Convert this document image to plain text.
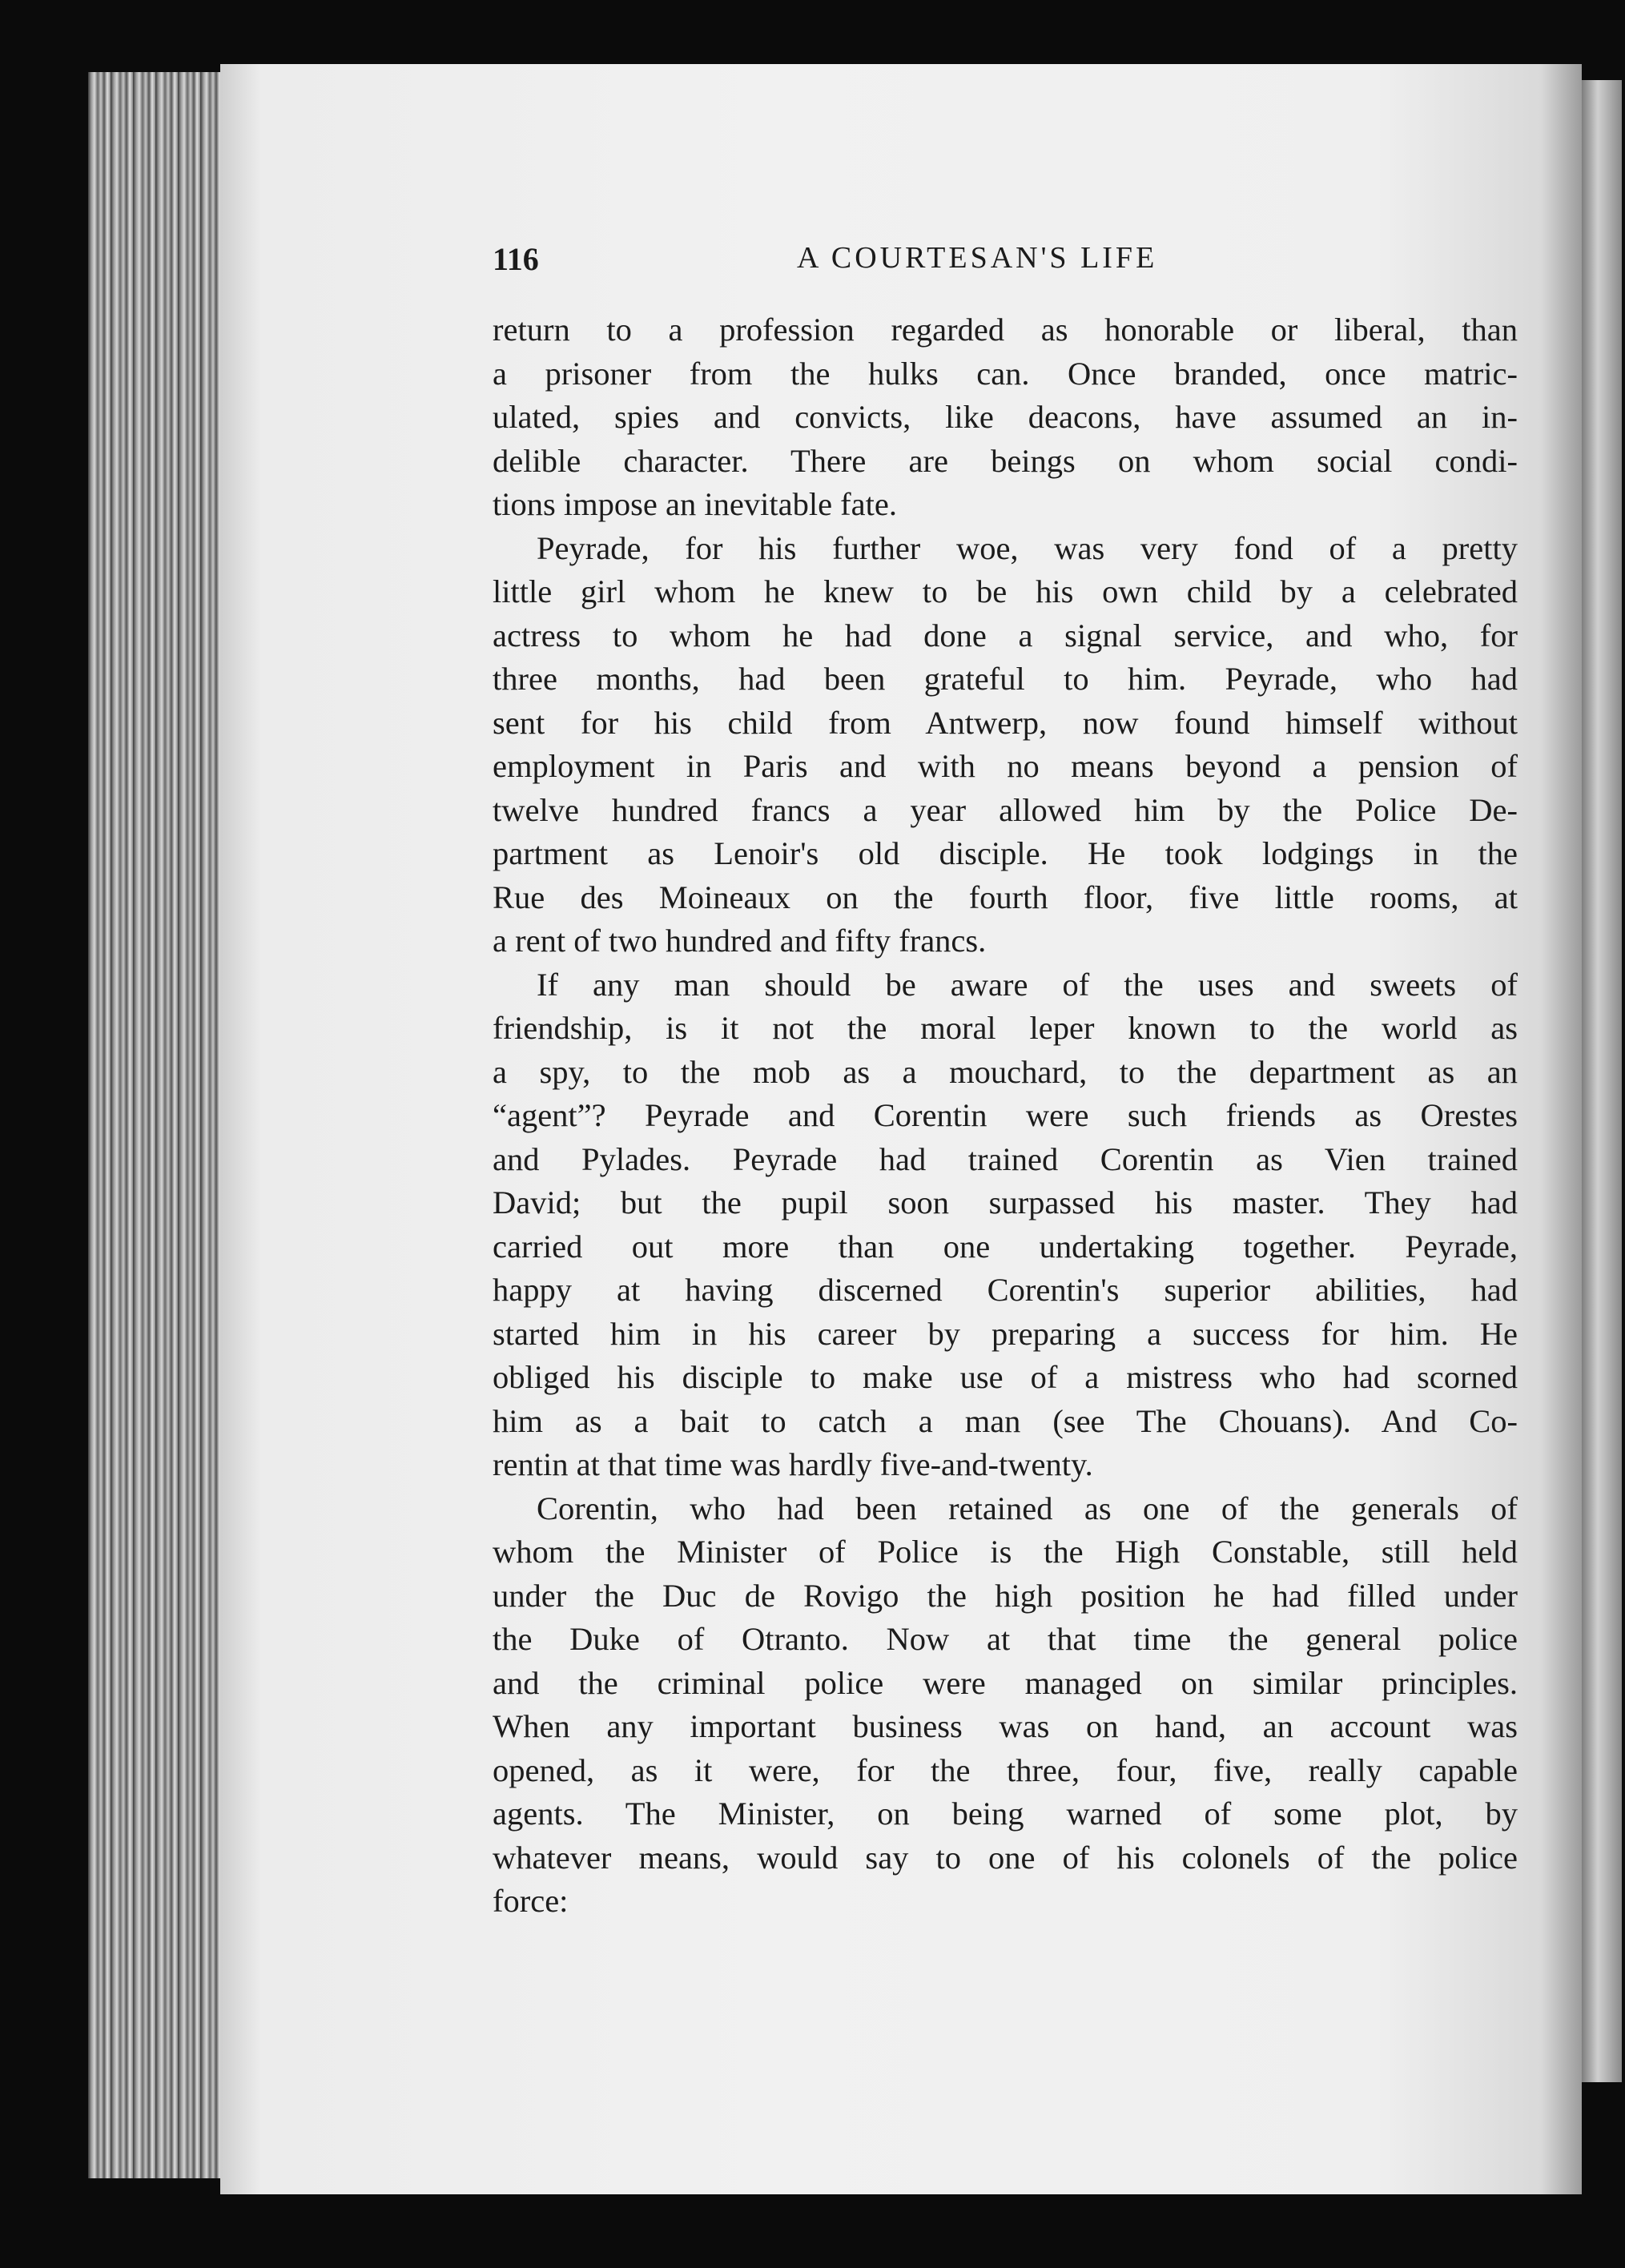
116	A COURTESAN'S LIFE

return to a profession regarded as honorable or liberal, than
a prisoner from the hulks can. Once branded, once matric-
ulated, spies and convicts, like deacons, have assumed an in-
delible character. There are beings on whom social condi-
tions impose an inevitable fate.

Peyrade, for his further woe, was very fond of a pretty
little girl whom he knew to be his own child by a celebrated
actress to whom he had done a signal service, and who, for
three months, had been grateful to him. Peyrade, who had
sent for his child from Antwerp, now found himself without
employment in Paris and with no means beyond a pension of
twelve hundred francs a year allowed him by the Police De-
partment as Lenoir's old disciple. He took lodgings in the
Rue des Moineaux on the fourth floor, five little rooms, at
a rent of two hundred and fifty francs.

If any man should be aware of the uses and sweets of
friendship, is it not the moral leper known to the world as
a spy, to the mob as a mouchard, to the department as an
“agent”? Peyrade and Corentin were such friends as Orestes
and Pylades. Peyrade had trained Corentin as Vien trained
David; but the pupil soon surpassed his master. They had
carried out more than one undertaking together. Peyrade,
happy at having discerned Corentin's superior abilities, had
started him in his career by preparing a success for him. He
obliged his disciple to make use of a mistress who had scorned
him as a bait to catch a man (see The Chouans). And Co-
rentin at that time was hardly five-and-twenty.

Corentin, who had been retained as one of the generals of
whom the Minister of Police is the High Constable, still held
under the Duc de Rovigo the high position he had filled under
the Duke of Otranto. Now at that time the general police
and the criminal police were managed on similar principles.
When any important business was on hand, an account was
opened, as it were, for the three, four, five, really capable
agents. The Minister, on being warned of some plot, by
whatever means, would say to one of his colonels of the police
force:
